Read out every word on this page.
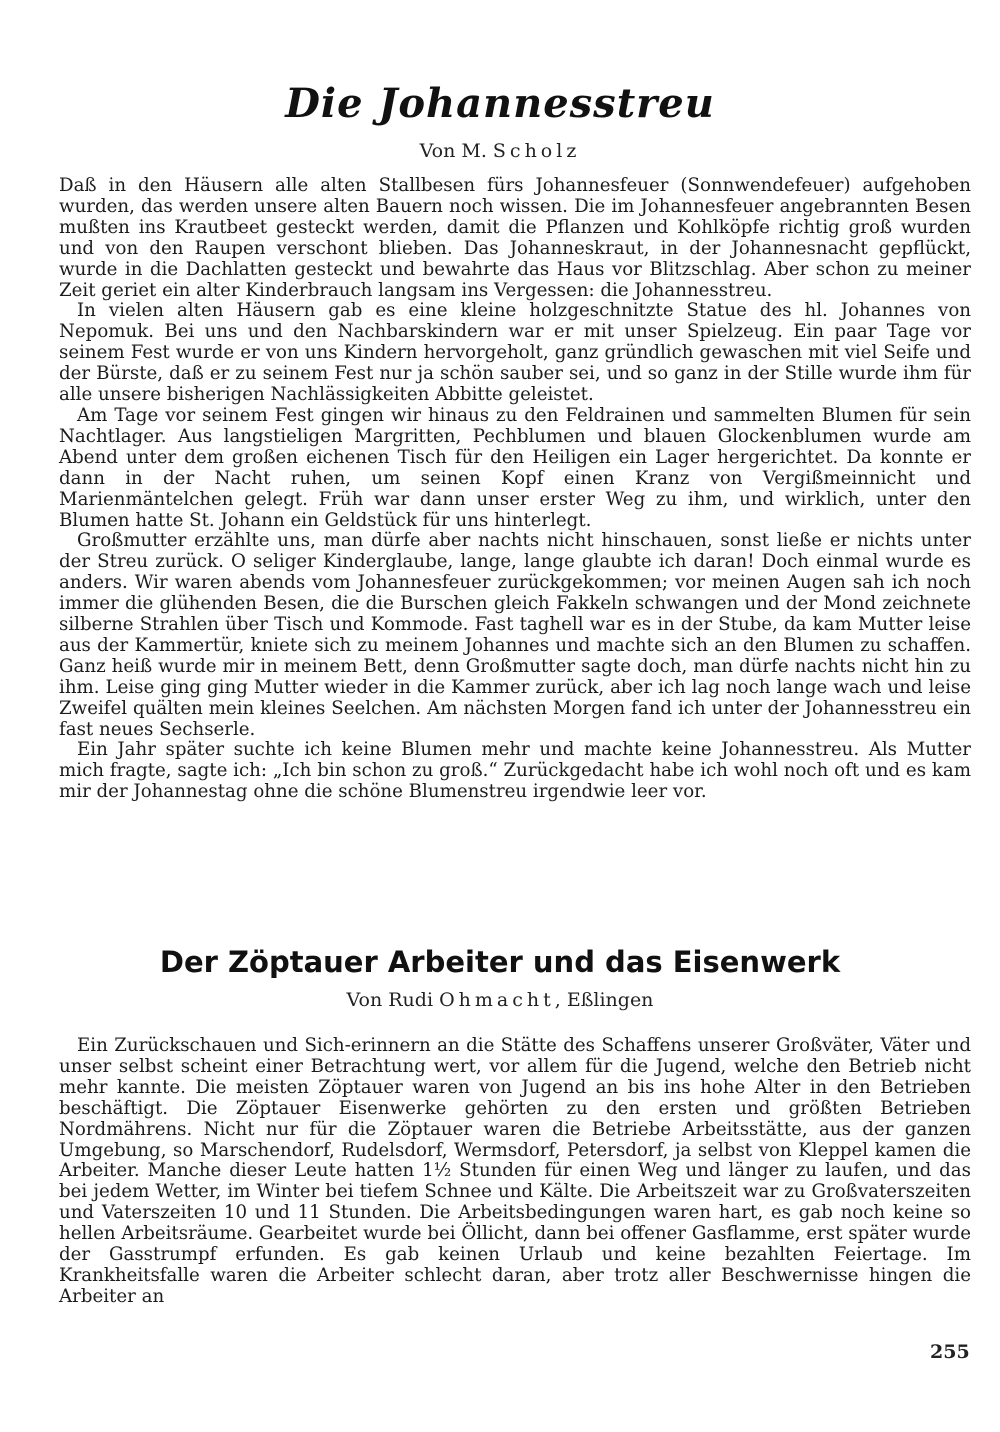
Die Johannesstreu
Von M. Scholz

Daß in den Häusern alle alten Stallbesen fürs Johannesfeuer (Sonnwendefeuer) aufgehoben wurden, das werden unsere alten Bauern noch wissen. Die im Johannesfeuer angebrannten Besen mußten ins Krautbeet gesteckt werden, damit die Pflanzen und Kohlköpfe richtig groß wurden und von den Raupen verschont blieben. Das Johanneskraut, in der Johannesnacht gepflückt, wurde in die Dachlatten gesteckt und bewahrte das Haus vor Blitzschlag. Aber schon zu meiner Zeit geriet ein alter Kinderbrauch langsam ins Vergessen: die Johannesstreu.

In vielen alten Häusern gab es eine kleine holzgeschnitzte Statue des hl. Johannes von Nepomuk. Bei uns und den Nachbarskindern war er mit unser Spielzeug. Ein paar Tage vor seinem Fest wurde er von uns Kindern hervorgeholt, ganz gründlich gewaschen mit viel Seife und der Bürste, daß er zu seinem Fest nur ja schön sauber sei, und so ganz in der Stille wurde ihm für alle unsere bisherigen Nachlässigkeiten Abbitte geleistet.

Am Tage vor seinem Fest gingen wir hinaus zu den Feldrainen und sammelten Blumen für sein Nachtlager. Aus langstieligen Margritten, Pechblumen und blauen Glockenblumen wurde am Abend unter dem großen eichenen Tisch für den Heiligen ein Lager hergerichtet. Da konnte er dann in der Nacht ruhen, um seinen Kopf einen Kranz von Vergißmeinnicht und Marienmäntelchen gelegt. Früh war dann unser erster Weg zu ihm, und wirklich, unter den Blumen hatte St. Johann ein Geldstück für uns hinterlegt.

Großmutter erzählte uns, man dürfe aber nachts nicht hinschauen, sonst ließe er nichts unter der Streu zurück. O seliger Kinderglaube, lange, lange glaubte ich daran! Doch einmal wurde es anders. Wir waren abends vom Johannesfeuer zurückgekommen; vor meinen Augen sah ich noch immer die glühenden Besen, die die Burschen gleich Fakkeln schwangen und der Mond zeichnete silberne Strahlen über Tisch und Kommode. Fast taghell war es in der Stube, da kam Mutter leise aus der Kammertür, kniete sich zu meinem Johannes und machte sich an den Blumen zu schaffen. Ganz heiß wurde mir in meinem Bett, denn Großmutter sagte doch, man dürfe nachts nicht hin zu ihm. Leise ging ging Mutter wieder in die Kammer zurück, aber ich lag noch lange wach und leise Zweifel quälten mein kleines Seelchen. Am nächsten Morgen fand ich unter der Johannesstreu ein fast neues Sechserle.

Ein Jahr später suchte ich keine Blumen mehr und machte keine Johannesstreu. Als Mutter mich fragte, sagte ich: „Ich bin schon zu groß.“ Zurückgedacht habe ich wohl noch oft und es kam mir der Johannestag ohne die schöne Blumenstreu irgendwie leer vor.

Der Zöptauer Arbeiter und das Eisenwerk
Von Rudi Ohmacht, Eßlingen

Ein Zurückschauen und Sich-erinnern an die Stätte des Schaffens unserer Großväter, Väter und unser selbst scheint einer Betrachtung wert, vor allem für die Jugend, welche den Betrieb nicht mehr kannte. Die meisten Zöptauer waren von Jugend an bis ins hohe Alter in den Betrieben beschäftigt. Die Zöptauer Eisenwerke gehörten zu den ersten und größten Betrieben Nordmährens. Nicht nur für die Zöptauer waren die Betriebe Arbeitsstätte, aus der ganzen Umgebung, so Marschendorf, Rudelsdorf, Wermsdorf, Petersdorf, ja selbst von Kleppel kamen die Arbeiter. Manche dieser Leute hatten 1½ Stunden für einen Weg und länger zu laufen, und das bei jedem Wetter, im Winter bei tiefem Schnee und Kälte. Die Arbeitszeit war zu Großvaterszeiten und Vaterszeiten 10 und 11 Stunden. Die Arbeitsbedingungen waren hart, es gab noch keine so hellen Arbeitsräume. Gearbeitet wurde bei Öllicht, dann bei offener Gasflamme, erst später wurde der Gasstrumpf erfunden. Es gab keinen Urlaub und keine bezahlten Feiertage. Im Krankheitsfalle waren die Arbeiter schlecht daran, aber trotz aller Beschwernisse hingen die Arbeiter an

255
